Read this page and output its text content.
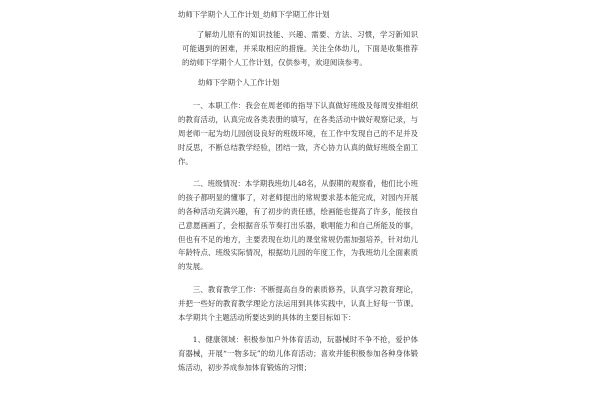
幼师下学期个人工作计划_幼师下学期工作计划

了解幼儿原有的知识技能、兴趣、需要、方法、习惯，学习新知识可能遇到的困难，并采取相应的措施。关注全体幼儿，下面是收集推荐的幼师下学期个人工作计划，仅供参考，欢迎阅读参考。

幼师下学期个人工作计划

一、本职工作：我会在周老师的指导下认真做好班级及每周安排组织的教育活动，认真完成各类表册的填写，在各类活动中做好观察记录，与周老师一起为幼儿园创设良好的班级环境，在工作中发现自己的不足并及时反思，不断总结教学经验，团结一致，齐心协力认真的做好班级全面工作。

二、班级情况：本学期我班幼儿48名，从假期的观察看，他们比小班的孩子都明显的懂事了，对老师提出的常规要求基本能完成，对园内开展的各种活动充满兴趣，有了初步的责任感，绘画能也提高了许多，能按自己意愿画画了，会根据音乐节奏打出乐器，歌唱能力和自己所能及的事，但也有不足的地方，主要表现在幼儿的课堂常规仍需加强培养，针对幼儿年龄特点、班级实际情况，根据幼儿园的年度工作，为我班幼儿全面素质的发展。

三、教育教学工作：不断提高自身的素质修养，认真学习教育理论，并把一些好的教育教学理论方法运用到具体实践中，认真上好每一节课。本学期共个主题活动所要达到的具体的主要目标如下：

1、健康领域：积极参加户外体育活动，玩器械时不争不抢，爱护体育器械，开展“一物多玩”的幼儿体育活动；喜欢并能积极参加各种身体锻炼活动，初步养成参加体育锻炼的习惯；
